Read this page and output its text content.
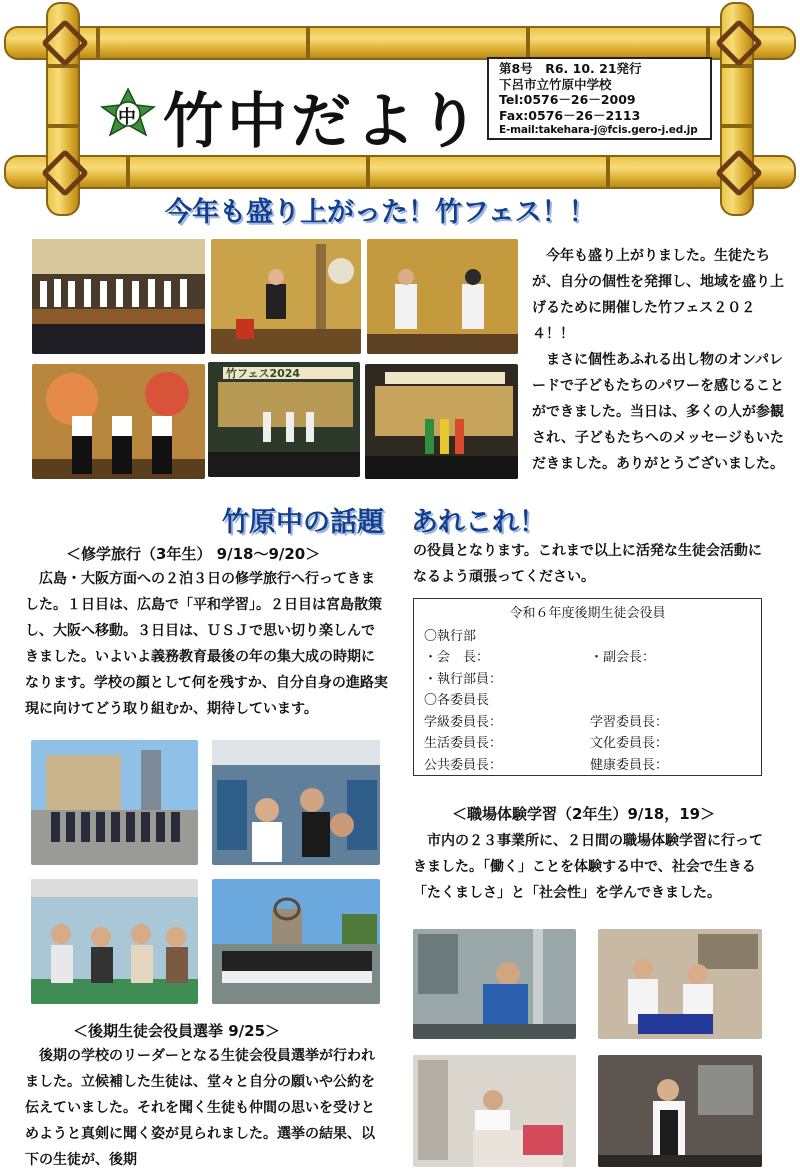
中 竹中だより
第8号　R6. 10. 21発行
下呂市立竹原中学校
Tel:0576－26－2009
Fax:0576－26－2113
E-mail:takehara-j@fcis.gero-j.ed.jp
今年も盛り上がった！竹フェス！！
竹フェス2024

今年も盛り上がりました。生徒たちが、自分の個性を発揮し、地域を盛り上げるために開催した竹フェス２０２４！！

まさに個性あふれる出し物のオンパレードで子どもたちのパワーを感じることができました。当日は、多くの人が参観され、子どもたちへのメッセージもいただきました。ありがとうございました。

竹原中の話題　あれこれ！
＜修学旅行（3年生） 9/18～9/20＞

広島・大阪方面への２泊３日の修学旅行へ行ってきました。１日目は、広島で「平和学習」。２日目は宮島散策し、大阪へ移動。３日目は、ＵＳＪで思い切り楽しんできました。いよいよ義務教育最後の年の集大成の時期になります。学校の顔として何を残すか、自分自身の進路実現に向けてどう取り組むか、期待しています。

＜後期生徒会役員選挙 9/25＞

後期の学校のリーダーとなる生徒会役員選挙が行われました。立候補した生徒は、堂々と自分の願いや公約を伝えていました。それを聞く生徒も仲間の思いを受けとめようと真剣に聞く姿が見られました。選挙の結果、以下の生徒が、後期

の役員となります。これまで以上に活発な生徒会活動になるよう頑張ってください。
令和６年度後期生徒会役員
〇執行部
・会　長：	・副会長：
・執行部員：
〇各委員長
学級委員長：	学習委員長：
生活委員長：	文化委員長：
公共委員長：	健康委員長：
＜職場体験学習（2年生）9/18，19＞

市内の２３事業所に、２日間の職場体験学習に行ってきました。「働く」ことを体験する中で、社会で生きる「たくましさ」と「社会性」を学んできました。
